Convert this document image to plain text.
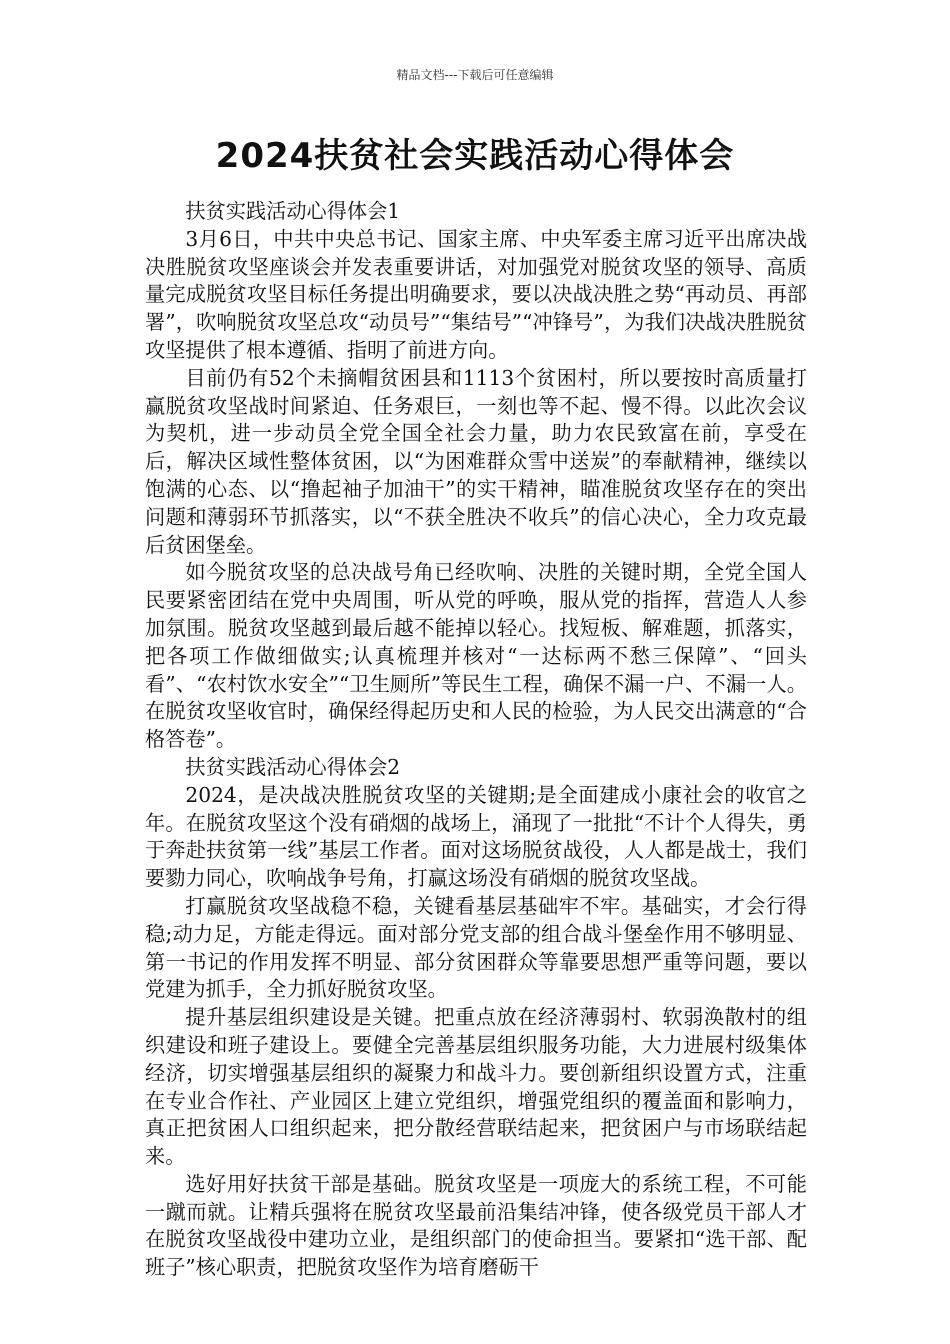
精品文档---下载后可任意编辑
2024扶贫社会实践活动心得体会

扶贫实践活动心得体会1

3月6日，中共中央总书记、国家主席、中央军委主席习近平出席决战决胜脱贫攻坚座谈会并发表重要讲话，对加强党对脱贫攻坚的领导、高质量完成脱贫攻坚目标任务提出明确要求，要以决战决胜之势“再动员、再部署”，吹响脱贫攻坚总攻“动员号”“集结号”“冲锋号”，为我们决战决胜脱贫攻坚提供了根本遵循、指明了前进方向。

目前仍有52个未摘帽贫困县和1113个贫困村，所以要按时高质量打赢脱贫攻坚战时间紧迫、任务艰巨，一刻也等不起、慢不得。以此次会议为契机，进一步动员全党全国全社会力量，助力农民致富在前，享受在后，解决区域性整体贫困，以“为困难群众雪中送炭”的奉献精神，继续以饱满的心态、以“撸起袖子加油干”的实干精神，瞄准脱贫攻坚存在的突出问题和薄弱环节抓落实，以“不获全胜决不收兵”的信心决心，全力攻克最后贫困堡垒。

如今脱贫攻坚的总决战号角已经吹响、决胜的关键时期，全党全国人民要紧密团结在党中央周围，听从党的呼唤，服从党的指挥，营造人人参加氛围。脱贫攻坚越到最后越不能掉以轻心。找短板、解难题，抓落实，把各项工作做细做实;认真梳理并核对“一达标两不愁三保障”、“回头看”、“农村饮水安全”“卫生厕所”等民生工程，确保不漏一户、不漏一人。在脱贫攻坚收官时，确保经得起历史和人民的检验，为人民交出满意的“合格答卷”。

扶贫实践活动心得体会2

2024，是决战决胜脱贫攻坚的关键期;是全面建成小康社会的收官之年。在脱贫攻坚这个没有硝烟的战场上，涌现了一批批“不计个人得失，勇于奔赴扶贫第一线”基层工作者。面对这场脱贫战役，人人都是战士，我们要勠力同心，吹响战争号角，打赢这场没有硝烟的脱贫攻坚战。

打赢脱贫攻坚战稳不稳，关键看基层基础牢不牢。基础实，才会行得稳;动力足，方能走得远。面对部分党支部的组合战斗堡垒作用不够明显、第一书记的作用发挥不明显、部分贫困群众等靠要思想严重等问题，要以党建为抓手，全力抓好脱贫攻坚。

提升基层组织建设是关键。把重点放在经济薄弱村、软弱涣散村的组织建设和班子建设上。要健全完善基层组织服务功能，大力进展村级集体经济，切实增强基层组织的凝聚力和战斗力。要创新组织设置方式，注重在专业合作社、产业园区上建立党组织，增强党组织的覆盖面和影响力，真正把贫困人口组织起来，把分散经营联结起来，把贫困户与市场联结起来。

选好用好扶贫干部是基础。脱贫攻坚是一项庞大的系统工程，不可能一蹴而就。让精兵强将在脱贫攻坚最前沿集结冲锋，使各级党员干部人才在脱贫攻坚战役中建功立业，是组织部门的使命担当。要紧扣“选干部、配班子”核心职责，把脱贫攻坚作为培育磨砺干
